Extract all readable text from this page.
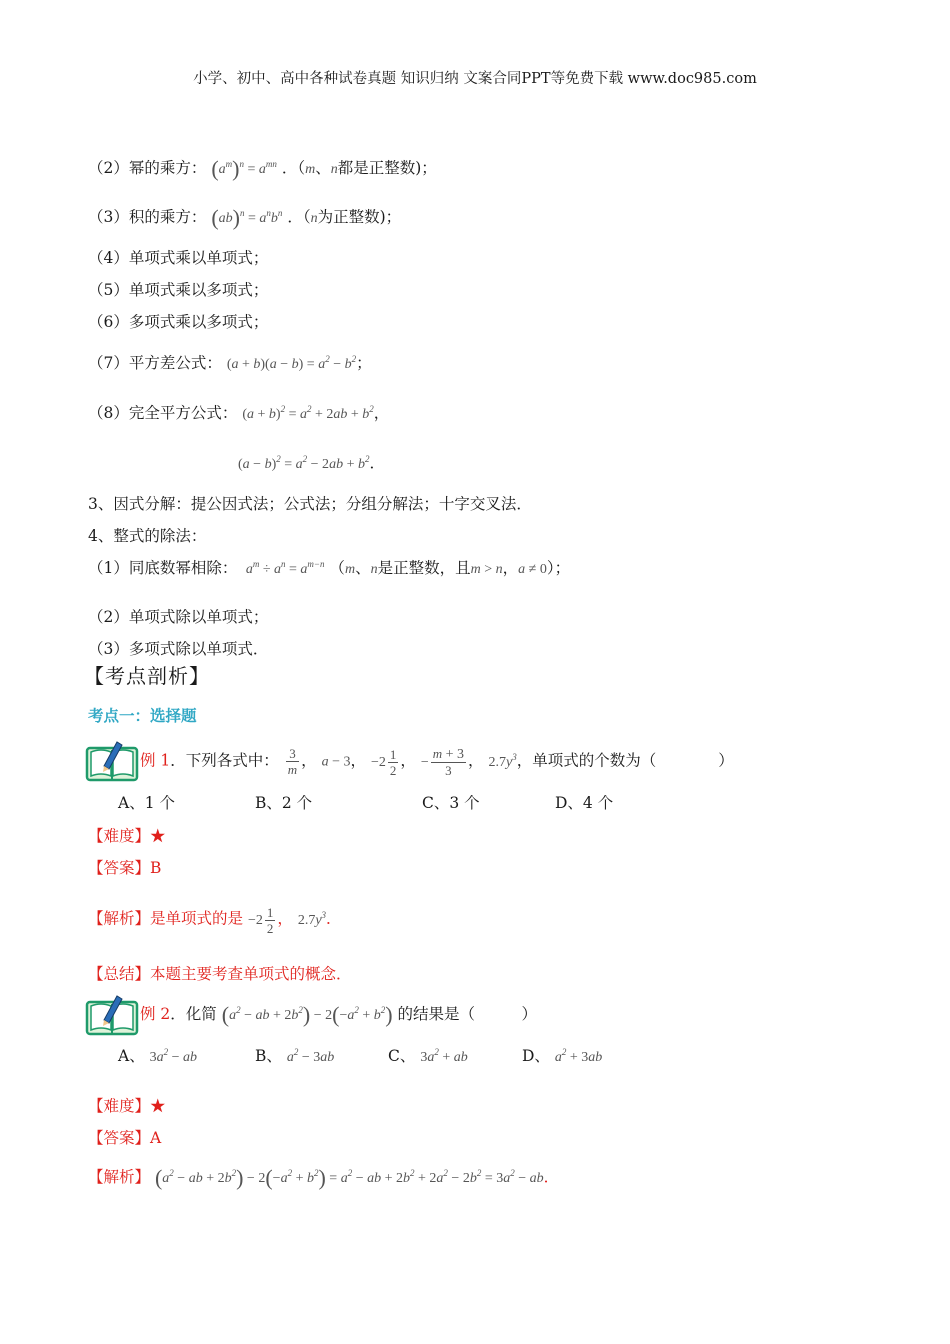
小学、初中、高中各种试卷真题 知识归纳 文案合同PPT等免费下载 www.doc985.com
（2）幂的乘方： $(a^m)^n = a^{mn}$ ．（m、n都是正整数)；
（3）积的乘方： $(ab)^n = a^nb^n$ ．（n为正整数)；
（4）单项式乘以单项式；
（5）单项式乘以多项式；
（6）多项式乘以多项式；
（7）平方差公式： $(a + b)(a - b) = a^2 - b^2$；
（8）完全平方公式： $(a + b)^2 = a^2 + 2ab + b^2$，
$(a - b)^2 = a^2 - 2ab + b^2$．
3、因式分解：提公因式法；公式法；分组分解法；十字交叉法．
4、整式的除法：
（1）同底数幂相除：  $a^m \div a^n = a^{m-n}$ （m、n是正整数，且m > n，a ≠ 0）；
（2）单项式除以单项式；
（3）多项式除以单项式．
【考点剖析】
考点一：选择题
例 1．下列各式中： $\frac{3}{m}$ ， a − 3， $-2 \frac{1}{2}$ ， − $\frac{m + 3}{3}$ ， $2.7y^3$，单项式的个数为（　　　　）
A、1 个	B、2 个	C、3 个	D、4 个
【难度】★
【答案】B
【解析】是单项式的是 $-2 \frac{1}{2}$ ， $2.7y^3$．
【总结】本题主要考查单项式的概念．
例 2．化简 ($a^2$ − ab + $2b^2) - 2(-a^2 + b^2)$ 的结果是（　　　）
A、 $3a^2$ − ab	B、 $a^2 - 3ab$	C、 $3a^2$ + ab	D、 $a^2 + 3ab$
【难度】★
【答案】A
【解析】 ($a^2$ − ab + $2b^2) - 2(-a^2 + b^2) = a^2$ − ab + $2b^2 + 2a^2 - 2b^2 = 3a^2$ − ab．
